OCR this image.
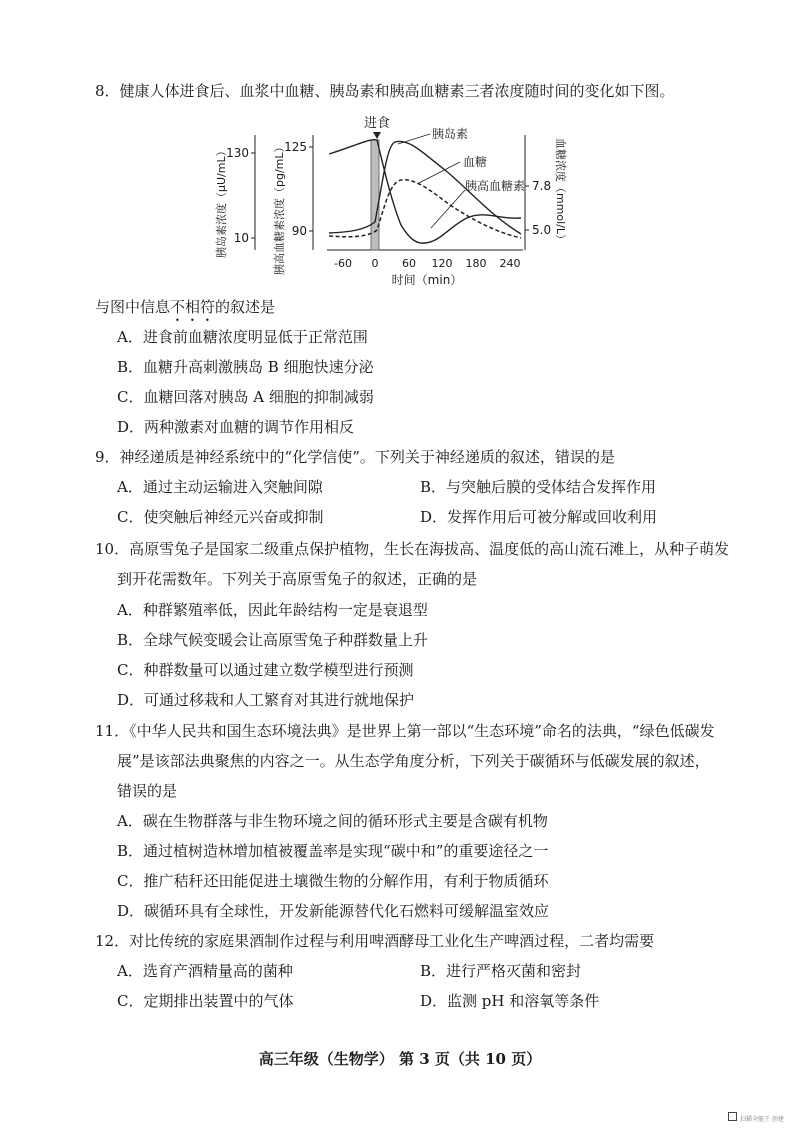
8．健康人体进食后、血浆中血糖、胰岛素和胰高血糖素三者浓度随时间的变化如下图。
130
10
胰岛素浓度（μU/mL）	125
90
胰高血糖素浓度（pg/mL）	7.8
5.0 血糖浓度（mmol/L）
-60 0 60 120 180 240
时间（min）
进食
胰岛素
血糖
胰高血糖素
与图中信息不相符的叙述是
A．进食前血糖浓度明显低于正常范围
B．血糖升高刺激胰岛 B 细胞快速分泌
C．血糖回落对胰岛 A 细胞的抑制减弱
D．两种激素对血糖的调节作用相反
9．神经递质是神经系统中的“化学信使”。下列关于神经递质的叙述，错误的是
A．通过主动运输进入突触间隙	B．与突触后膜的受体结合发挥作用
C．使突触后神经元兴奋或抑制	D．发挥作用后可被分解或回收利用
10．高原雪兔子是国家二级重点保护植物，生长在海拔高、温度低的高山流石滩上，从种子萌发
到开花需数年。下列关于高原雪兔子的叙述，正确的是
A．种群繁殖率低，因此年龄结构一定是衰退型
B．全球气候变暖会让高原雪兔子种群数量上升
C．种群数量可以通过建立数学模型进行预测
D．可通过移栽和人工繁育对其进行就地保护
11．《中华人民共和国生态环境法典》是世界上第一部以“生态环境”命名的法典，“绿色低碳发
展”是该部法典聚焦的内容之一。从生态学角度分析，下列关于碳循环与低碳发展的叙述，
错误的是
A．碳在生物群落与非生物环境之间的循环形式主要是含碳有机物
B．通过植树造林增加植被覆盖率是实现“碳中和”的重要途径之一
C．推广秸秆还田能促进土壤微生物的分解作用，有利于物质循环
D．碳循环具有全球性，开发新能源替代化石燃料可缓解温室效应
12．对比传统的家庭果酒制作过程与利用啤酒酵母工业化生产啤酒过程，二者均需要
A．选育产酒精量高的菌种	B．进行严格灭菌和密封
C．定期排出装置中的气体	D．监测 pH 和溶氧等条件
高三年级（生物学） 第 3 页（共 10 页）
扫描全能王 创建
